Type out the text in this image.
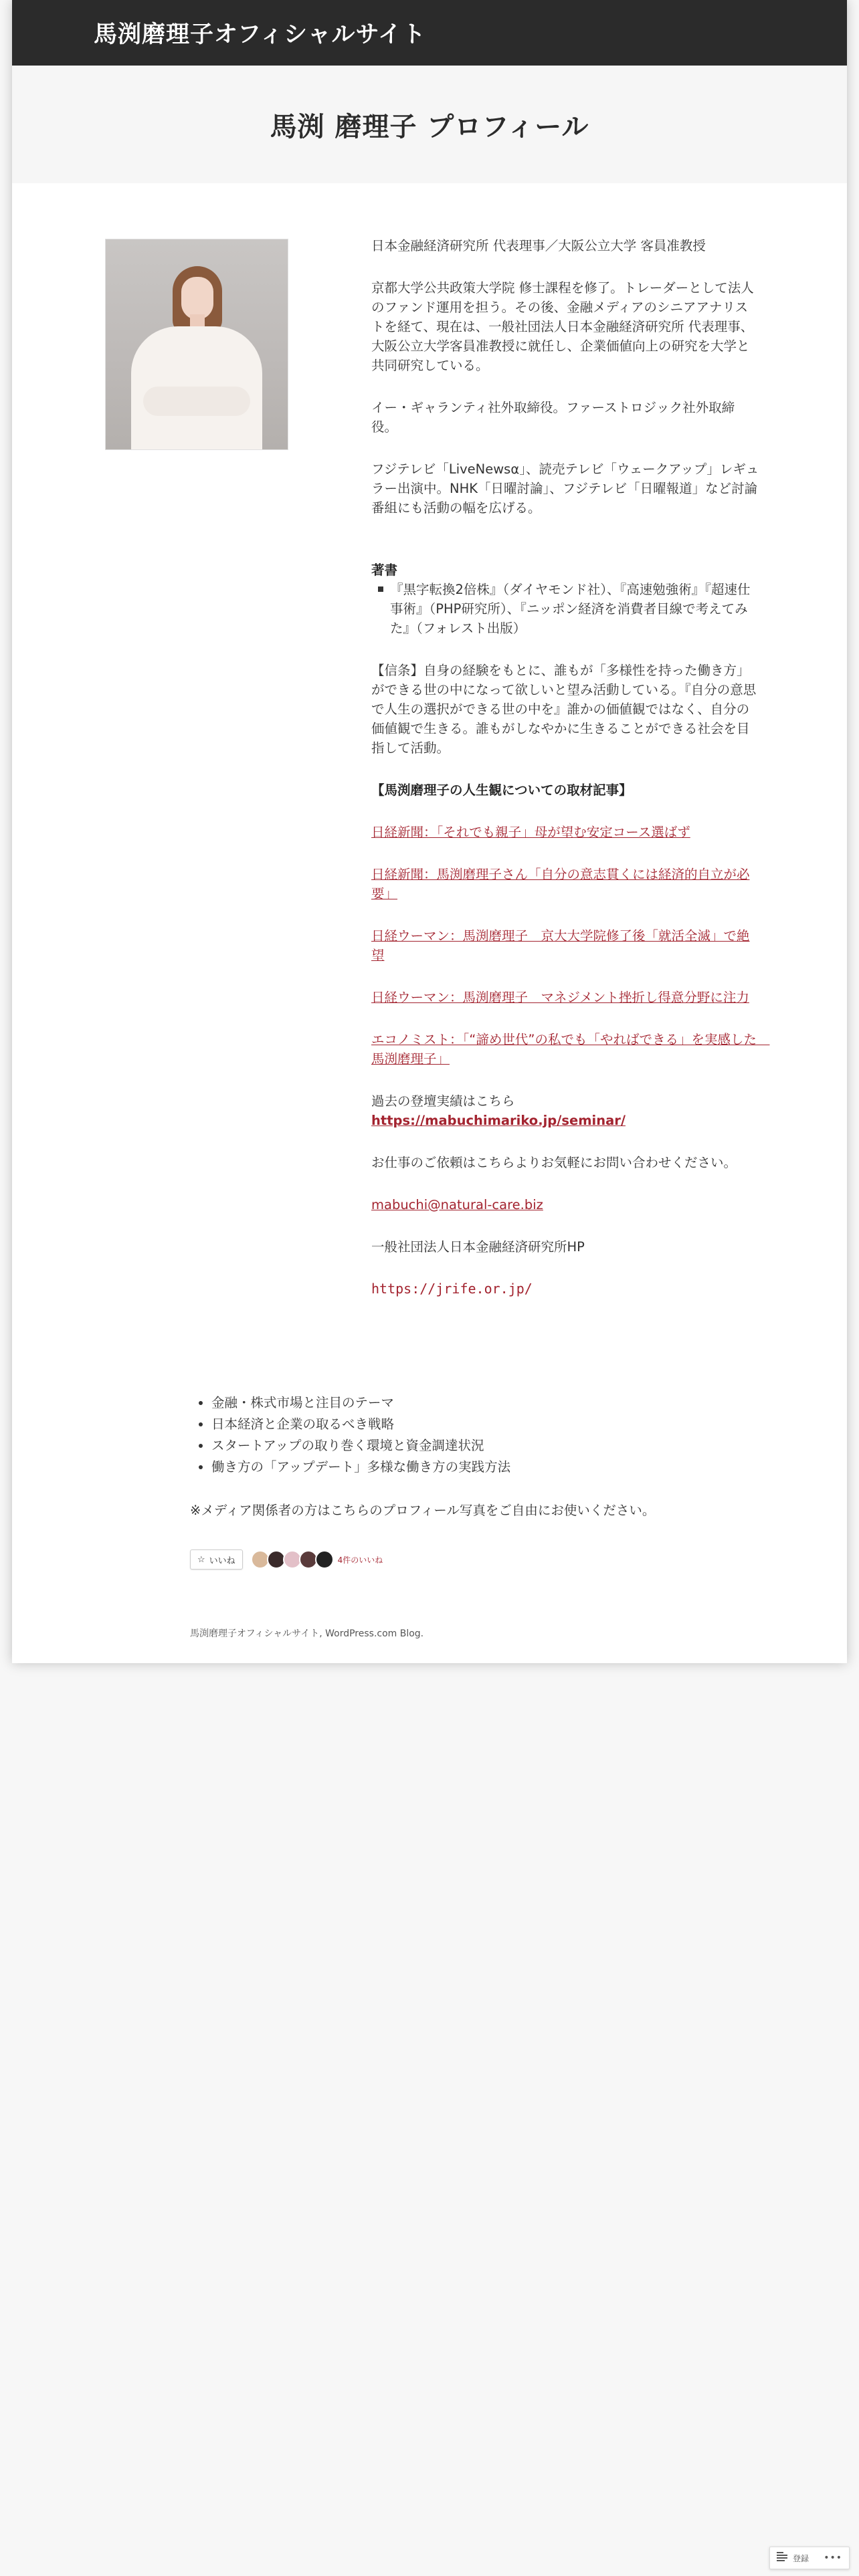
馬渕磨理子オフィシャルサイト
馬渕 磨理子 プロフィール

日本金融経済研究所 代表理事／大阪公立大学 客員准教授

京都大学公共政策大学院 修士課程を修了。トレーダーとして法人のファンド運用を担う。その後、金融メディアのシニアアナリストを経て、現在は、一般社団法人日本金融経済研究所 代表理事、大阪公立大学客員准教授に就任し、企業価値向上の研究を大学と共同研究している。

イー・ギャランティ社外取締役。ファーストロジック社外取締役。

フジテレビ「LiveNewsα」、読売テレビ「ウェークアップ」レギュラー出演中。NHK「日曜討論」、フジテレビ「日曜報道」など討論番組にも活動の幅を広げる。

著書
『黒字転換2倍株』（ダイヤモンド社）、『高速勉強術』『超速仕事術』（PHP研究所）、『ニッポン経済を消費者目線で考えてみた』（フォレスト出版）

【信条】自身の経験をもとに、誰もが「多様性を持った働き方」ができる世の中になって欲しいと望み活動している。『自分の意思で人生の選択ができる世の中を』誰かの価値観ではなく、自分の価値観で生きる。誰もがしなやかに生きることができる社会を目指して活動。

【馬渕磨理子の人生観についての取材記事】

日経新聞：「それでも親子」母が望む安定コース選ばず

日経新聞：馬渕磨理子さん「自分の意志貫くには経済的自立が必要」

日経ウーマン：馬渕磨理子　京大大学院修了後「就活全滅」で絶望

日経ウーマン：馬渕磨理子　マネジメント挫折し得意分野に注力

エコノミスト：「“諦め世代”の私でも「やればできる」を実感した　馬渕磨理子」

過去の登壇実績はこちら
https://mabuchimariko.jp/seminar/

お仕事のご依頼はこちらよりお気軽にお問い合わせください。

mabuchi@natural-care.biz

一般社団法人日本金融経済研究所HP

https://jrife.or.jp/

• 金融・株式市場と注目のテーマ
• 日本経済と企業の取るべき戦略
• スタートアップの取り巻く環境と資金調達状況
• 働き方の「アップデート」多様な働き方の実践方法
※メディア関係者の方はこちらのプロフィール写真をご自由にお使いください。
☆ いいね	4件のいいね
馬渕磨理子オフィシャルサイト, WordPress.com Blog.
登録 •••
